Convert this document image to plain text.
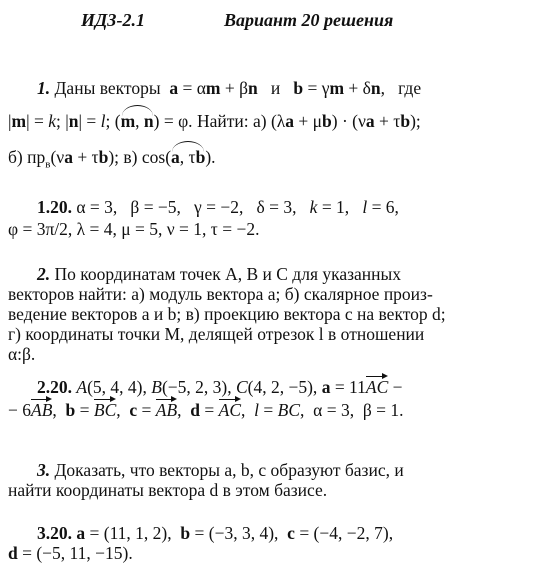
ИДЗ-2.1	Вариант 20 решения
1. Даны векторы a = αm + βn и b = γm + δn,   где
|m| = k; |n| = l; (m, n) = φ. Найти: а) (λa + μb) · (νa + τb);
б) $пр_в(\nu a + \tau b)$; в) cos(a, τb).
1.20. α = 3,   β = −5,   γ = −2,   δ = 3,   k = 1,   l = 6,
φ = 3π/2, λ = 4, μ = 5, ν = 1, τ = −2.
2. По координатам точек A, B и C для указанных
векторов найти: а) модуль вектора a; б) скалярное произ-
ведение векторов a и b; в) проекцию вектора c на вектор d;
г) координаты точки M, делящей отрезок l в отношении
α:β.
2.20. A(5, 4, 4), B(−5, 2, 3), C(4, 2, −5), a = 11AC −
− 6AB,  b = BC,  c = AB,  d = AC,  l = BC,  α = 3,  β = 1.
3. Доказать, что векторы a, b, c образуют базис, и
найти координаты вектора d в этом базисе.
3.20. a = (11, 1, 2),  b = (−3, 3, 4),  c = (−4, −2, 7),
d = (−5, 11, −15).
